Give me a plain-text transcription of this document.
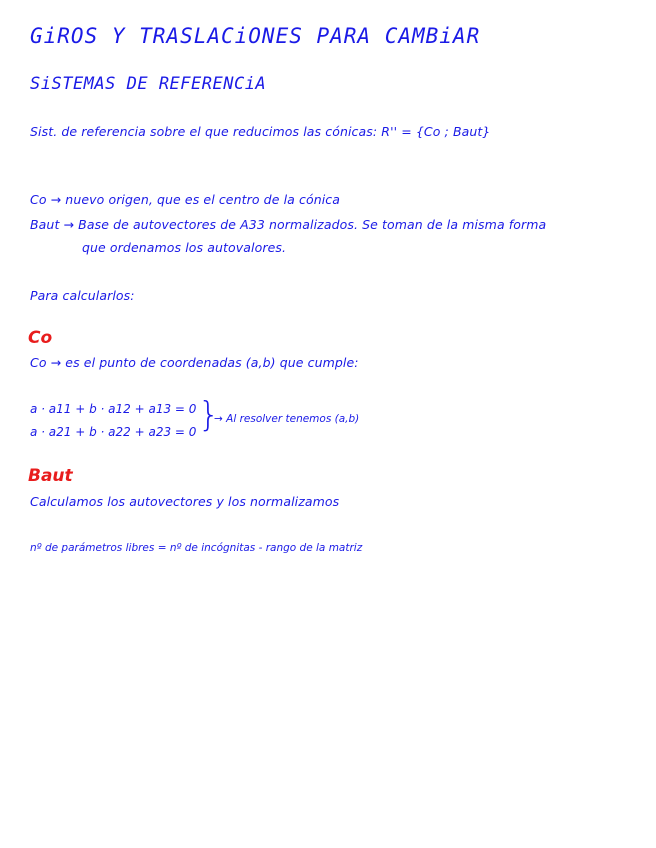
GiROS Y TRASLACiONES PARA CAMBiAR
SiSTEMAS DE REFERENCiA
Sist. de referencia sobre el que reducimos las cónicas: R'' = {Co ; Baut}
Co → nuevo origen, que es el centro de la cónica
Baut → Base de autovectores de A33 normalizados. Se toman de la misma forma
que ordenamos los autovalores.
Para calcularlos:
Co
Co → es el punto de coordenadas (a,b) que cumple:
a · a11 + b · a12 + a13 = 0
a · a21 + b · a22 + a23 = 0 }
→ Al resolver tenemos (a,b)
Baut
Calculamos los autovectores y los normalizamos
nº de parámetros libres = nº de incógnitas - rango de la matriz
